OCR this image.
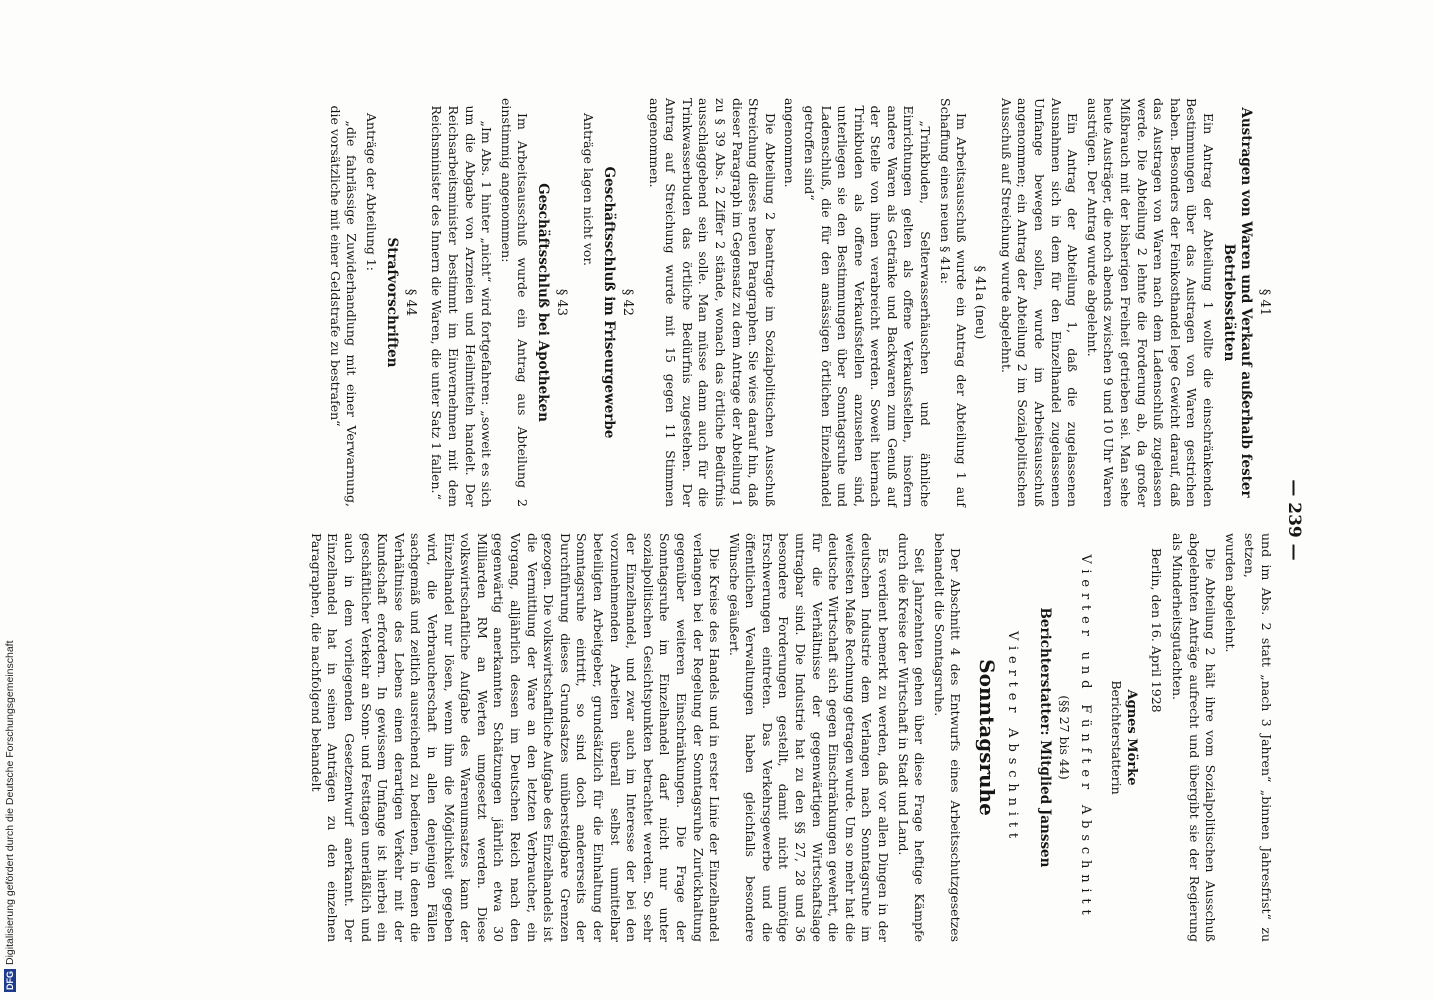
DFG
Digitalisierung gefördert durch die Deutsche Forschungsgemeinschaft
— 239 —
§ 41
Austragen von Waren und Verkauf außerhalb fester Betriebsstätten

Ein Antrag der Abteilung 1 wollte die einschränkenden Bestimmungen über das Austragen von Waren gestrichen haben. Besonders der Feinkosthandel lege Gewicht darauf, daß das Austragen von Waren nach dem Ladenschluß zugelassen werde. Die Abteilung 2 lehnte die Forderung ab, da großer Mißbrauch mit der bisherigen Freiheit getrieben sei. Man sehe heute Austräger, die noch abends zwischen 9 und 10 Uhr Waren austrügen. Der Antrag wurde abgelehnt.

Ein Antrag der Abteilung 1, daß die zugelassenen Ausnahmen sich in dem für den Einzelhandel zugelassenen Umfange bewegen sollen, wurde im Arbeitsausschuß angenommen; ein Antrag der Abteilung 2 im Sozialpolitischen Ausschuß auf Streichung wurde abgelehnt.

§ 41a (neu)

Im Arbeitsausschuß wurde ein Antrag der Abteilung 1 auf Schaffung eines neuen § 41a:

„Trinkbuden, Selterwasserhäuschen und ähnliche Einrichtungen gelten als offene Verkaufsstellen, insofern andere Waren als Getränke und Backwaren zum Genuß auf der Stelle von ihnen verabreicht werden. Soweit hiernach Trinkbuden als offene Verkaufsstellen anzusehen sind, unterliegen sie den Bestimmungen über Sonntagsruhe und Ladenschluß, die für den ansässigen örtlichen Einzelhandel getroffen sind“

angenommen.

Die Abteilung 2 beantragte im Sozialpolitischen Ausschuß Streichung dieses neuen Paragraphen. Sie wies darauf hin, daß dieser Paragraph im Gegensatz zu dem Antrage der Abteilung 1 zu § 39 Abs. 2 Ziffer 2 stände, wonach das örtliche Bedürfnis ausschlaggebend sein solle. Man müsse dann auch für die Trinkwasserbuden das örtliche Bedürfnis zugestehen. Der Antrag auf Streichung wurde mit 15 gegen 11 Stimmen angenommen.

§ 42
Geschäftsschluß im Friseurgewerbe

Anträge lagen nicht vor.

§ 43
Geschäftsschluß bei Apotheken

Im Arbeitsausschuß wurde ein Antrag aus Abteilung 2 einstimmig angenommen:

„Im Abs. 1 hinter „nicht“ wird fortgefahren: „soweit es sich um die Abgabe von Arzneien und Heilmitteln handelt. Der Reichsarbeitsminister bestimmt im Einvernehmen mit dem Reichsminister des Innern die Waren, die unter Satz 1 fallen.“

§ 44
Strafvorschriften

Anträge der Abteilung 1:

„die fahrlässige Zuwiderhandlung mit einer Verwarnung, die vorsätzliche mit einer Geldstrafe zu bestrafen“

und im Abs. 2 statt „nach 3 Jahren“ „binnen Jahresfrist“ zu setzen,

wurden abgelehnt.

Die Abteilung 2 hält ihre vom Sozialpolitischen Ausschuß abgelehnten Anträge aufrecht und übergibt sie der Regierung als Minderheitsgutachten.

Berlin, den 16. April 1928
Agnes Mörke
Berichterstatterin
Vierter und Fünfter Abschnitt
(§§ 27 bis 44)
Berichterstatter: Mitglied Janssen
Vierter Abschnitt
Sonntagsruhe

Der Abschnitt 4 des Entwurfs eines Arbeitsschutzgesetzes behandelt die Sonntagsruhe.

Seit Jahrzehnten gehen über diese Frage heftige Kämpfe durch die Kreise der Wirtschaft in Stadt und Land.

Es verdient bemerkt zu werden, daß vor allen Dingen in der deutschen Industrie dem Verlangen nach Sonntagsruhe im weitesten Maße Rechnung getragen wurde. Um so mehr hat die deutsche Wirtschaft sich gegen Einschränkungen gewehrt, die für die Verhältnisse der gegenwärtigen Wirtschaftslage untragbar sind. Die Industrie hat zu den §§ 27, 28 und 36 besondere Forderungen gestellt, damit nicht unnötige Erschwerungen eintreten. Das Verkehrsgewerbe und die öffentlichen Verwaltungen haben gleichfalls besondere Wünsche geäußert.

Die Kreise des Handels und in erster Linie der Einzelhandel verlangen bei der Regelung der Sonntagsruhe Zurückhaltung gegenüber weiteren Einschränkungen. Die Frage der Sonntagsruhe im Einzelhandel darf nicht nur unter sozialpolitischen Gesichtspunkten betrachtet werden. So sehr der Einzelhandel, und zwar auch im Interesse der bei den vorzunehmenden Arbeiten überall selbst unmittelbar beteiligten Arbeitgeber, grundsätzlich für die Einhaltung der Sonntagsruhe eintritt, so sind doch andererseits der Durchführung dieses Grundsatzes unübersteigbare Grenzen gezogen. Die volkswirtschaftliche Aufgabe des Einzelhandels ist die Vermittlung der Ware an den letzten Verbraucher, ein Vorgang, alljährlich dessen im Deutschen Reich nach den gegenwärtig anerkannten Schätzungen jährlich etwa 30 Milliarden RM an Werten umgesetzt werden. Diese volkswirtschaftliche Aufgabe des Warenumsatzes kann der Einzelhandel nur lösen, wenn ihm die Möglichkeit gegeben wird, die Verbraucherschaft in allen denjenigen Fällen sachgemäß und zeitlich ausreichend zu bedienen, in denen die Verhältnisse des Lebens einen derartigen Verkehr mit der Kundschaft erfordern. In gewissem Umfange ist hierbei ein geschäftlicher Verkehr an Sonn- und Festtagen unerläßlich und auch in dem vorliegenden Gesetzentwurf anerkannt. Der Einzelhandel hat in seinen Anträgen zu den einzelnen Paragraphen, die nachfolgend behandelt
